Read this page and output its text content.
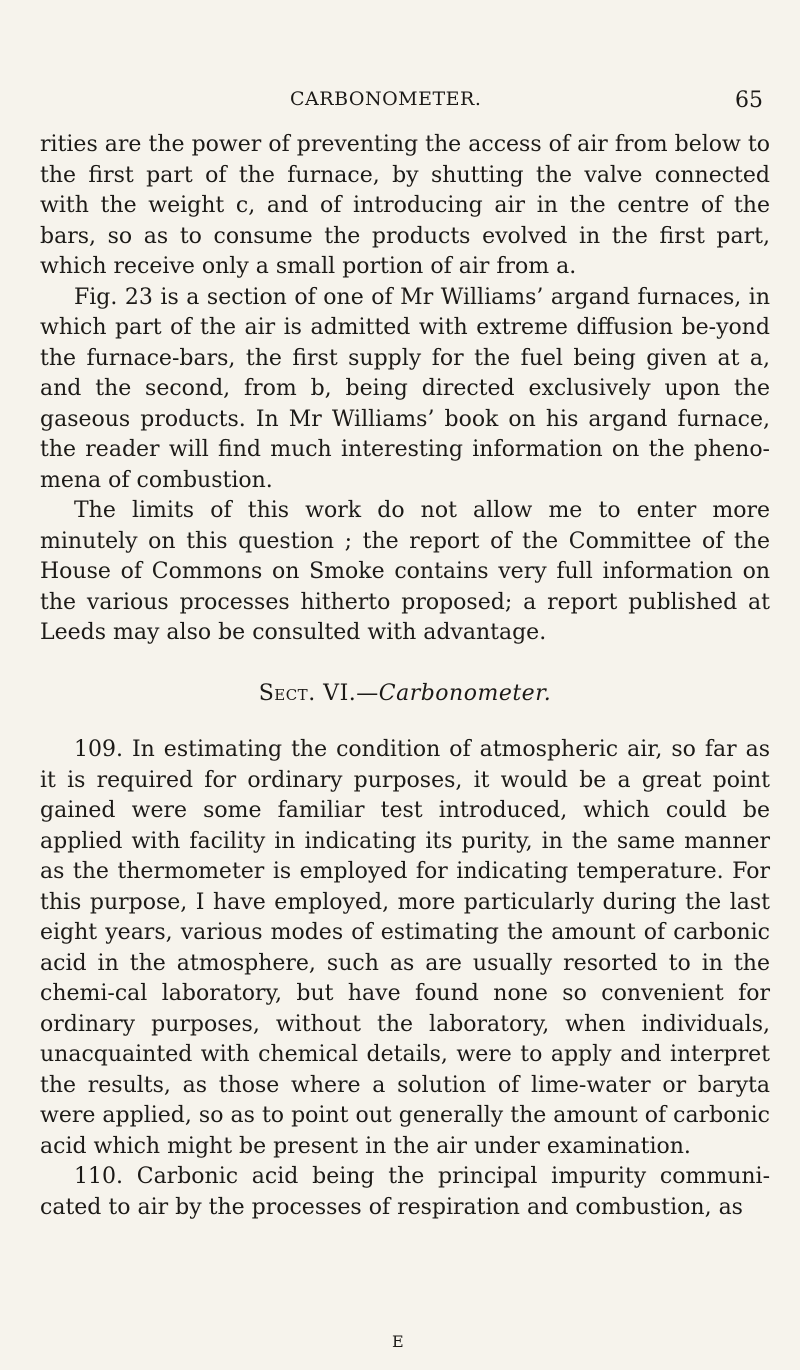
CARBONOMETER.	65

rities are the power of preventing the access of air from below to the first part of the furnace, by shutting the valve connected with the weight c, and of introducing air in the centre of the bars, so as to consume the products evolved in the first part, which receive only a small portion of air from a.

Fig. 23 is a section of one of Mr Williams’ argand furnaces, in which part of the air is admitted with extreme diffusion be-yond the furnace-bars, the first supply for the fuel being given at a, and the second, from b, being directed exclusively upon the gaseous products. In Mr Williams’ book on his argand furnace, the reader will find much interesting information on the pheno-mena of combustion.

The limits of this work do not allow me to enter more minutely on this question ; the report of the Committee of the House of Commons on Smoke contains very full information on the various processes hitherto proposed; a report published at Leeds may also be consulted with advantage.

Sect. VI.—Carbonometer.

109. In estimating the condition of atmospheric air, so far as it is required for ordinary purposes, it would be a great point gained were some familiar test introduced, which could be applied with facility in indicating its purity, in the same manner as the thermometer is employed for indicating temperature. For this purpose, I have employed, more particularly during the last eight years, various modes of estimating the amount of carbonic acid in the atmosphere, such as are usually resorted to in the chemi-cal laboratory, but have found none so convenient for ordinary purposes, without the laboratory, when individuals, unacquainted with chemical details, were to apply and interpret the results, as those where a solution of lime-water or baryta were applied, so as to point out generally the amount of carbonic acid which might be present in the air under examination.

110. Carbonic acid being the principal impurity communi-cated to air by the processes of respiration and combustion, as

E
